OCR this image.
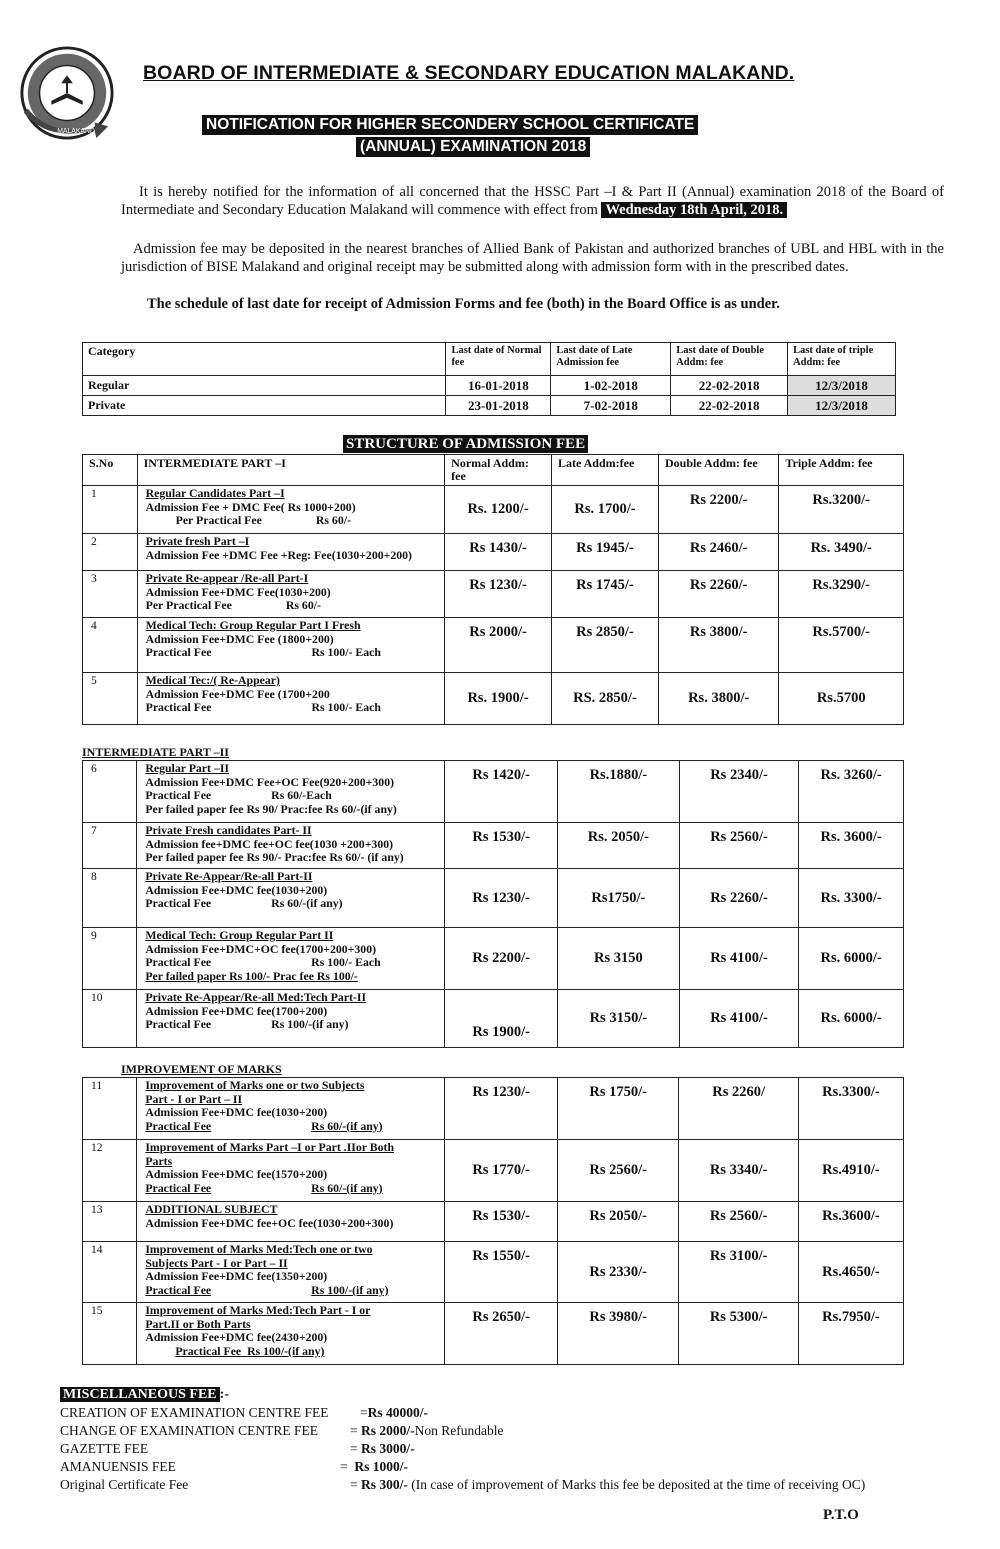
MALAKAND
BOARD OF INTERMEDIATE & SECONDARY EDUCATION MALAKAND.
NOTIFICATION FOR HIGHER SECONDERY SCHOOL CERTIFICATE
(ANNUAL) EXAMINATION 2018
It is hereby notified for the information of all concerned that the HSSC Part –I & Part II (Annual) examination 2018 of the Board of Intermediate and Secondary Education Malakand will commence with effect from Wednesday 18th April, 2018.
Admission fee may be deposited in the nearest branches of Allied Bank of Pakistan and authorized branches of UBL and HBL with in the jurisdiction of BISE Malakand and original receipt may be submitted along with admission form with in the prescribed dates.
The schedule of last date for receipt of Admission Forms and fee (both) in the Board Office is as under.
Category	Last date of Normal fee	Last date of Late Admission fee	Last date of Double Addm: fee	Last date of triple Addm: fee
Regular	16-01-2018	1-02-2018	22-02-2018	12/3/2018
Private	23-01-2018	7-02-2018	22-02-2018	12/3/2018
STRUCTURE OF ADMISSION FEE
S.No	INTERMEDIATE PART –I	Normal Addm: fee	Late Addm:fee	Double Addm: fee	Triple Addm: fee
1	Regular Candidates Part –I
Admission Fee + DMC Fee( Rs 1000+200)
Per Practical Fee Rs 60/-	Rs. 1200/-	Rs. 1700/-	Rs 2200/-	Rs.3200/-
2	Private fresh Part –I
Admission Fee +DMC Fee +Reg: Fee(1030+200+200)	Rs 1430/-	Rs 1945/-	Rs 2460/-	Rs. 3490/-
3	Private Re-appear /Re-all Part-I
Admission Fee+DMC Fee(1030+200)
Per Practical Fee Rs 60/-	Rs 1230/-	Rs 1745/-	Rs 2260/-	Rs.3290/-
4	Medical Tech: Group Regular Part I Fresh
Admission Fee+DMC Fee (1800+200)
Practical Fee Rs 100/- Each	Rs 2000/-	Rs 2850/-	Rs 3800/-	Rs.5700/-
5	Medical Tec:/( Re-Appear)
Admission Fee+DMC Fee (1700+200
Practical Fee Rs 100/- Each	Rs. 1900/-	RS. 2850/-	Rs. 3800/-	Rs.5700
INTERMEDIATE PART –II
6	Regular Part –II
Admission Fee+DMC Fee+OC Fee(920+200+300)
Practical Fee Rs 60/-Each
Per failed paper fee Rs 90/ Prac:fee Rs 60/-(if any)	Rs 1420/-	Rs.1880/-	Rs 2340/-	Rs. 3260/-
7	Private Fresh candidates Part- II
Admission fee+DMC fee+OC fee(1030 +200+300)
Per failed paper fee Rs 90/- Prac:fee Rs 60/- (if any)	Rs 1530/-	Rs. 2050/-	Rs 2560/-	Rs. 3600/-
8	Private Re-Appear/Re-all Part-II
Admission Fee+DMC fee(1030+200)
Practical Fee Rs 60/-(if any)	Rs 1230/-	Rs1750/-	Rs 2260/-	Rs. 3300/-
9	Medical Tech: Group Regular Part II
Admission Fee+DMC+OC fee(1700+200+300)
Practical Fee Rs 100/- Each
Per failed paper Rs 100/- Prac fee Rs 100/-	Rs 2200/-	Rs 3150	Rs 4100/-	Rs. 6000/-
10	Private Re-Appear/Re-all Med:Tech Part-II
Admission Fee+DMC fee(1700+200)
Practical Fee Rs 100/-(if any)	Rs 1900/-	Rs 3150/-	Rs 4100/-	Rs. 6000/-
IMPROVEMENT OF MARKS
11	Improvement of Marks one or two Subjects
Part - I or Part – II
Admission Fee+DMC fee(1030+200)
Practical Fee Rs 60/-(if any)	Rs 1230/-	Rs 1750/-	Rs 2260/	Rs.3300/-
12	Improvement of Marks Part –I or Part .IIor Both
Parts
Admission Fee+DMC fee(1570+200)
Practical Fee Rs 60/-(if any)	Rs 1770/-	Rs 2560/-	Rs 3340/-	Rs.4910/-
13	ADDITIONAL SUBJECT
Admission Fee+DMC fee+OC fee(1030+200+300)	Rs 1530/-	Rs 2050/-	Rs 2560/-	Rs.3600/-
14	Improvement of Marks Med:Tech one or two
Subjects Part - I or Part – II
Admission Fee+DMC fee(1350+200)
Practical Fee Rs 100/-(if any)	Rs 1550/-	Rs 2330/-	Rs 3100/-	Rs.4650/-
15	Improvement of Marks Med:Tech Part - I or
Part.II or Both Parts
Admission Fee+DMC fee(2430+200)
Practical Fee Rs 100/-(if any)	Rs 2650/-	Rs 3980/-	Rs 5300/-	Rs.7950/-
MISCELLANEOUS FEE :-
CREATION OF EXAMINATION CENTRE FEE =Rs 40000/-
CHANGE OF EXAMINATION CENTRE FEE = Rs 2000/-Non Refundable
GAZETTE FEE	= Rs 3000/-
AMANUENSIS FEE	= Rs 1000/-
Original Certificate Fee	= Rs 300/- (In case of improvement of Marks this fee be deposited at the time of receiving OC)
P.T.O
